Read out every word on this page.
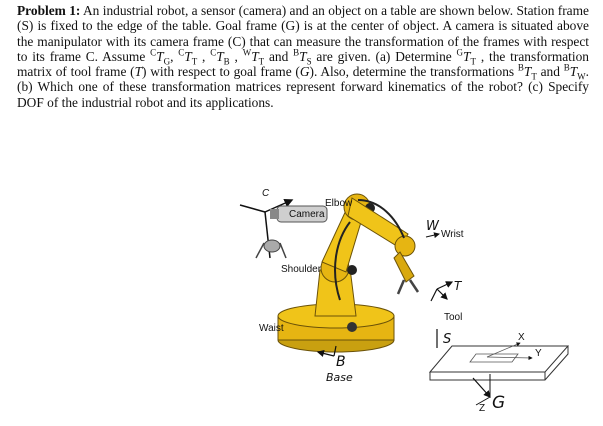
Problem 1: An industrial robot, a sensor (camera) and an object on a table are shown below. Station frame (S) is fixed to the edge of the table. Goal frame (G) is at the center of object. A camera is situated above the manipulator with its camera frame (C) that can measure the transformation of the frames with respect to its frame C. Assume $^CT_G$, $^CT_T$ , $^CT_B$ , $^WT_T$ and $^BT_S$ are given. (a) Determine $^GT_T$ , the transformation matrix of tool frame (T) with respect to goal frame (G). Also, determine the transformations $^BT_T$ and $^BT_W$. (b) Which one of these transformation matrices represent forward kinematics of the robot? (c) Specify DOF of the industrial robot and its applications.
C
Camera
Elbow
Wrist
Shoulder
Tool
Waist
W
T
B
Base
S	X
Y
Z G
